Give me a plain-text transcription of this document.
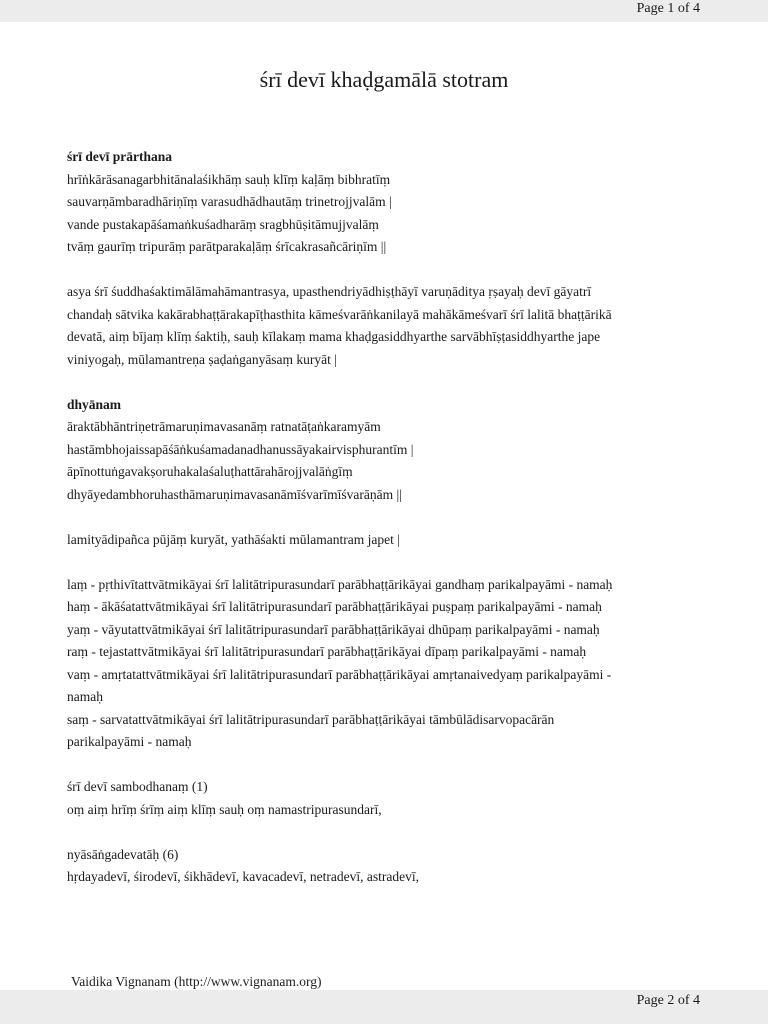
Page 1 of 4
śrī devī khaḍgamālā stotram

śrī devī prārthana

hrīṅkārāsanagarbhitānalaśikhāṃ sauḥ klīṃ kaḷāṃ bibhratīṃ

sauvarṇāmbaradhāriṇīṃ varasudhādhautāṃ trinetrojjvalām |

vande pustakapāśamaṅkuśadharāṃ sragbhūṣitāmujjvalāṃ

tvāṃ gaurīṃ tripurāṃ parātparakaḷāṃ śrīcakrasañcāriṇīm ||

asya śrī śuddhaśaktimālāmahāmantrasya, upasthendriyādhiṣṭhāyī varuṇāditya ṛṣayaḥ devī gāyatrī

chandaḥ sātvika kakārabhaṭṭārakapīṭhasthita kāmeśvarāṅkanilayā mahākāmeśvarī śrī lalitā bhaṭṭārikā

devatā, aiṃ bījaṃ klīṃ śaktiḥ, sauḥ kīlakaṃ mama khaḍgasiddhyarthe sarvābhīṣṭasiddhyarthe jape

viniyogaḥ, mūlamantreṇa ṣaḍaṅganyāsaṃ kuryāt |

dhyānam

āraktābhāntriṇetrāmaruṇimavasanāṃ ratnatāṭaṅkaramyām

hastāmbhojaissapāśāṅkuśamadanadhanussāyakairvisphurantīm |

āpīnottuṅgavakṣoruhakalaśaluṭhattārahārojjvalāṅgīṃ

dhyāyedambhoruhasthāmaruṇimavasanāmīśvarīmīśvarāṇām ||

lamityādipañca pūjāṃ kuryāt, yathāśakti mūlamantram japet |

laṃ - pṛthivītattvātmikāyai śrī lalitātripurasundarī parābhaṭṭārikāyai gandhaṃ parikalpayāmi - namaḥ

haṃ - ākāśatattvātmikāyai śrī lalitātripurasundarī parābhaṭṭārikāyai puṣpaṃ parikalpayāmi - namaḥ

yaṃ - vāyutattvātmikāyai śrī lalitātripurasundarī parābhaṭṭārikāyai dhūpaṃ parikalpayāmi - namaḥ

raṃ - tejastattvātmikāyai śrī lalitātripurasundarī parābhaṭṭārikāyai dīpaṃ parikalpayāmi - namaḥ

vaṃ - amṛtatattvātmikāyai śrī lalitātripurasundarī parābhaṭṭārikāyai amṛtanaivedyaṃ parikalpayāmi -

namaḥ

saṃ - sarvatattvātmikāyai śrī lalitātripurasundarī parābhaṭṭārikāyai tāmbūlādisarvopacārān

parikalpayāmi - namaḥ

śrī devī sambodhanaṃ (1)

oṃ aiṃ hrīṃ śrīṃ aiṃ klīṃ sauḥ oṃ namastripurasundarī,

nyāsāṅgadevatāḥ (6)

hṛdayadevī, śirodevī, śikhādevī, kavacadevī, netradevī, astradevī,

Vaidika Vignanam (http://www.vignanam.org)
Page 2 of 4
